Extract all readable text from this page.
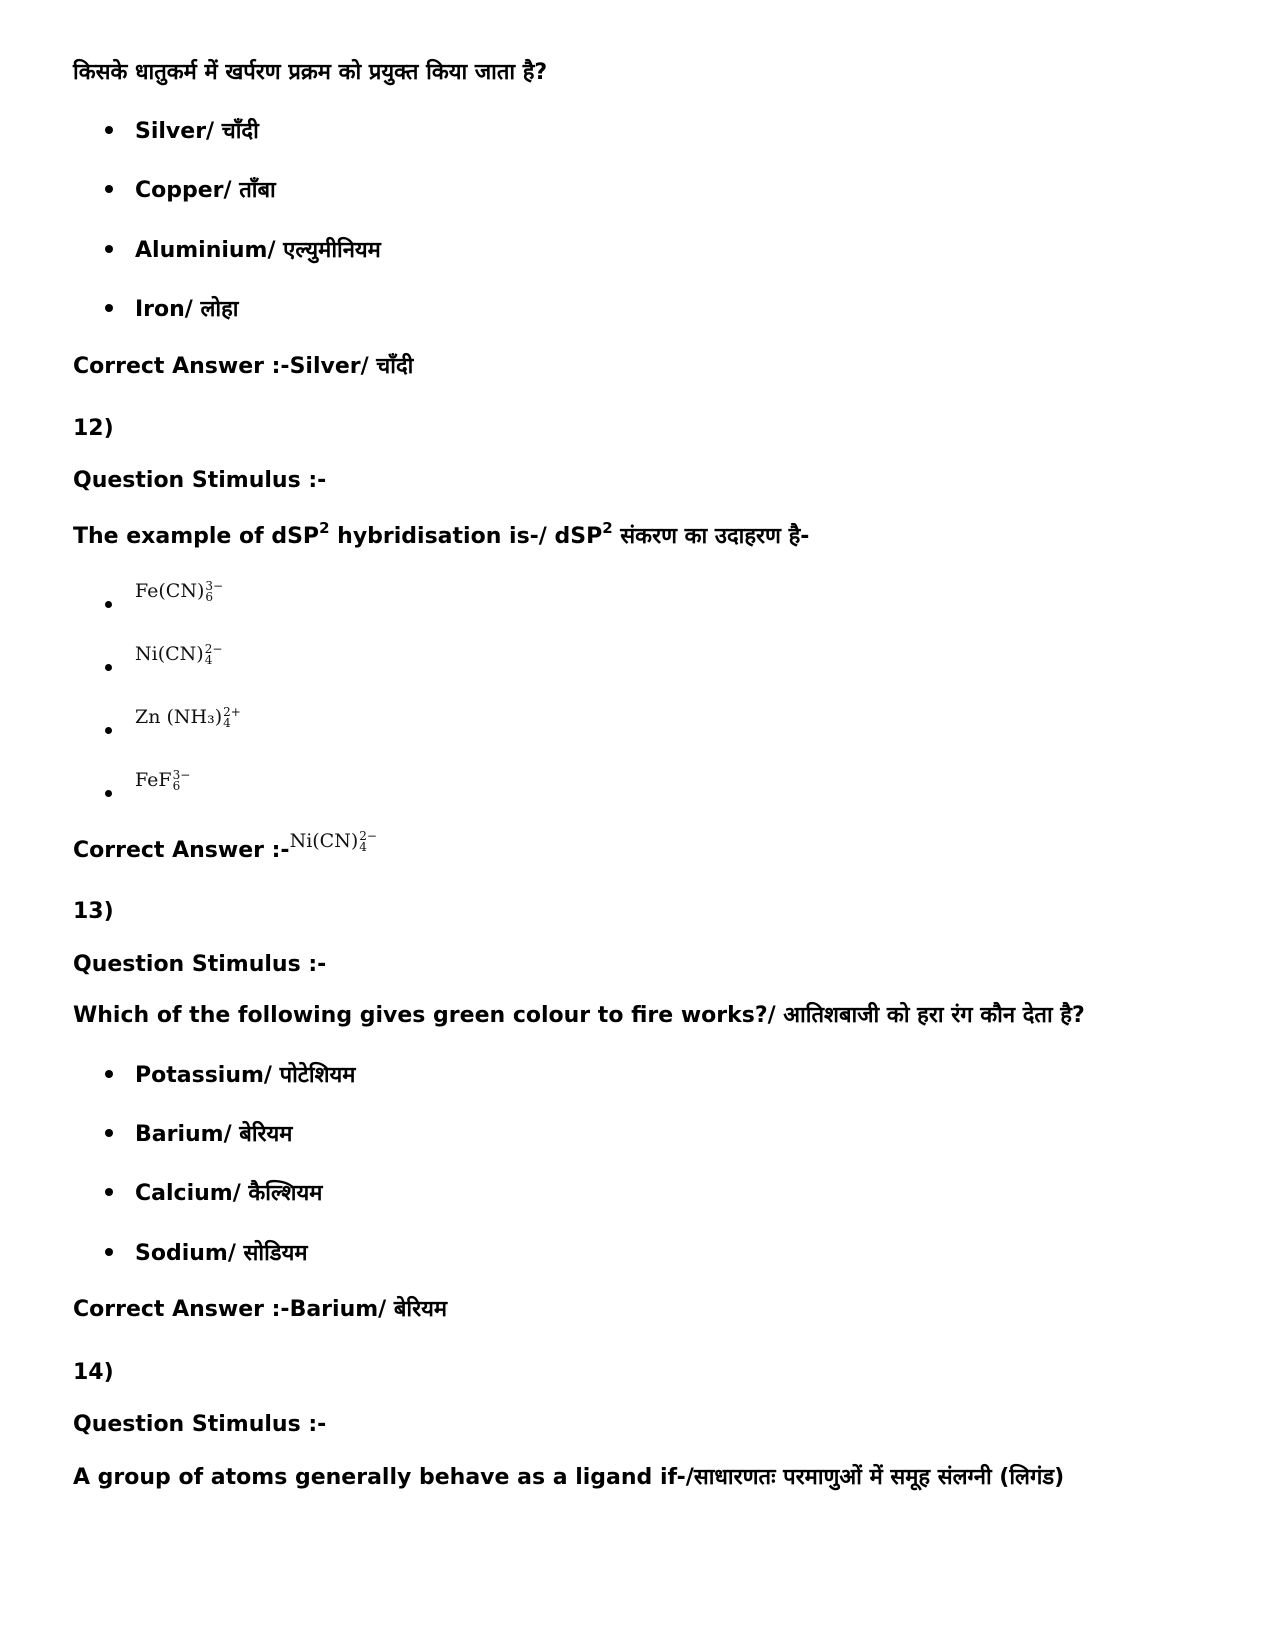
किसके धातुकर्म में खर्परण प्रक्रम को प्रयुक्त किया जाता है?
Silver/ चाँदी
Copper/ ताँबा
Aluminium/ एल्युमीनियम
Iron/ लोहा
Correct Answer :-Silver/ चाँदी
12)
Question Stimulus :-
The example of dSP$^2$ hybridisation is-/ dSP$^2$ संकरण का उदाहरण है-
Fe(CN) 3−
6
Ni(CN) 2−
4
Zn (NH₃) 2+
4
FeF 3−
6
Correct Answer :-Ni(CN) 2−
4
13)
Question Stimulus :-
Which of the following gives green colour to fire works?/ आतिशबाजी को हरा रंग कौन देता है?
Potassium/ पोटेशियम
Barium/ बेरियम
Calcium/ कैल्शियम
Sodium/ सोडियम
Correct Answer :-Barium/ बेरियम
14)
Question Stimulus :-
A group of atoms generally behave as a ligand if-/साधारणतः परमाणुओं में समूह संलग्नी (लिगंड)
